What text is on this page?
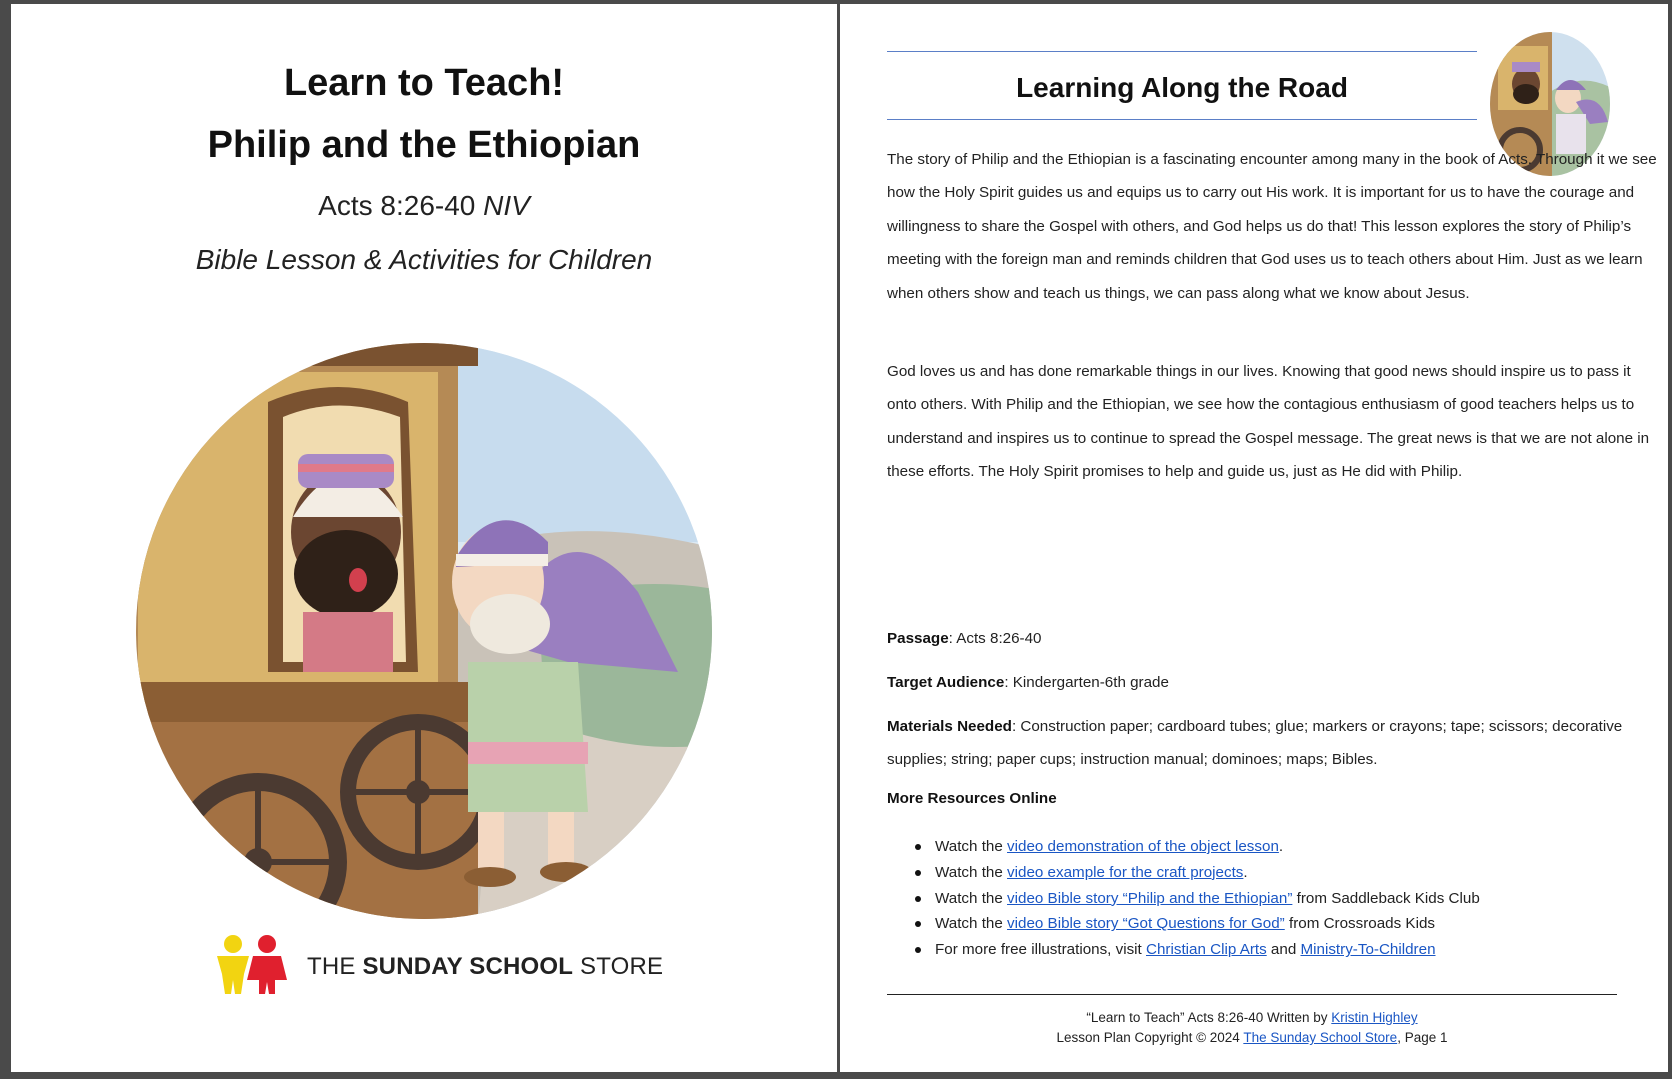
Learn to Teach!
Philip and the Ethiopian
Acts 8:26-40 NIV
Bible Lesson & Activities for Children
THE SUNDAY SCHOOL STORE
Learning Along the Road
The story of Philip and the Ethiopian is a fascinating encounter among many in the book of Acts. Through it we see how the Holy Spirit guides us and equips us to carry out His work. It is important for us to have the courage and willingness to share the Gospel with others, and God helps us do that! This lesson explores the story of Philip’s meeting with the foreign man and reminds children that God uses us to teach others about Him. Just as we learn when others show and teach us things, we can pass along what we know about Jesus.
God loves us and has done remarkable things in our lives. Knowing that good news should inspire us to pass it onto others. With Philip and the Ethiopian, we see how the contagious enthusiasm of good teachers helps us to understand and inspires us to continue to spread the Gospel message. The great news is that we are not alone in these efforts. The Holy Spirit promises to help and guide us, just as He did with Philip.
Passage: Acts 8:26-40
Target Audience: Kindergarten-6th grade
Materials Needed: Construction paper; cardboard tubes; glue; markers or crayons; tape; scissors; decorative supplies; string; paper cups; instruction manual; dominoes; maps; Bibles.
More Resources Online
Watch the video demonstration of the object lesson.
Watch the video example for the craft projects.
Watch the video Bible story “Philip and the Ethiopian” from Saddleback Kids Club
Watch the video Bible story “Got Questions for God” from Crossroads Kids
For more free illustrations, visit Christian Clip Arts and Ministry-To-Children
“Learn to Teach” Acts 8:26-40 Written by Kristin Highley
Lesson Plan Copyright © 2024 The Sunday School Store, Page 1
